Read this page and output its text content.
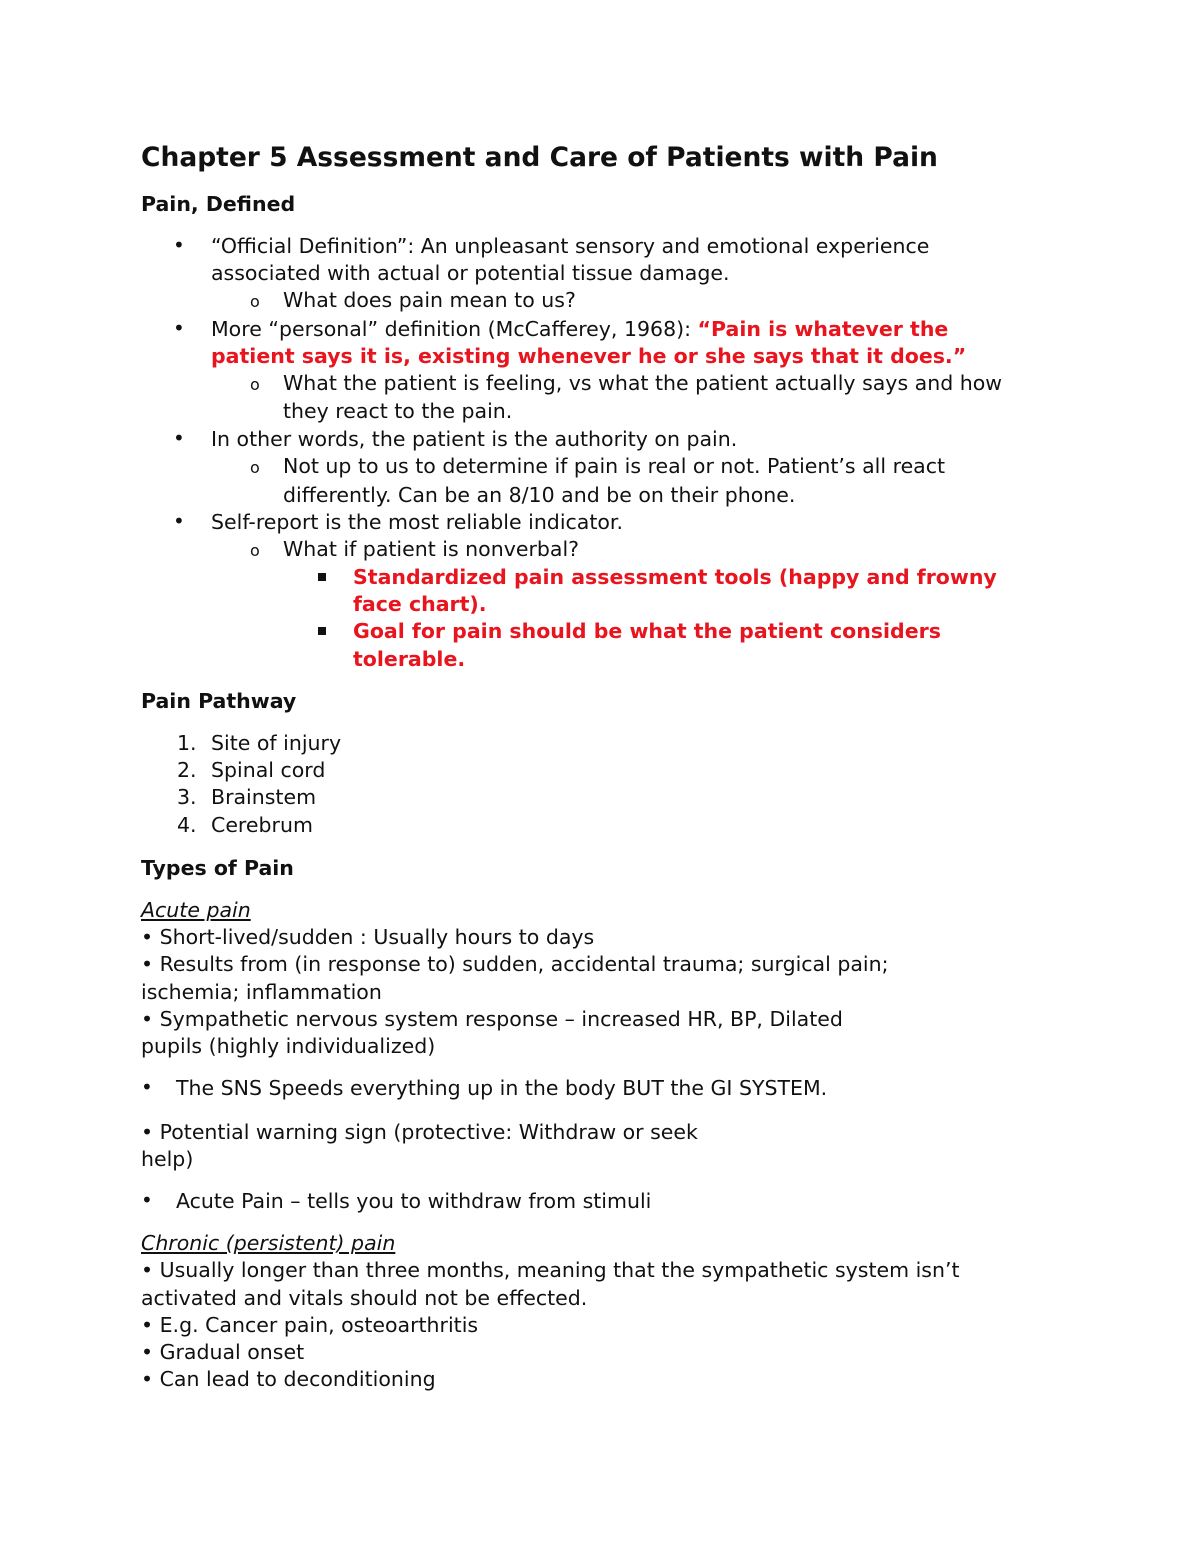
Chapter 5 Assessment and Care of Patients with Pain
Pain, Defined
• “Official Definition”: An unpleasant sensory and emotional experience
associated with actual or potential tissue damage.
o What does pain mean to us?
• More “personal” definition (McCafferey, 1968): “Pain is whatever the
patient says it is, existing whenever he or she says that it does.”
o What the patient is feeling, vs what the patient actually says and how
they react to the pain.
• In other words, the patient is the authority on pain.
o Not up to us to determine if pain is real or not. Patient’s all react
differently. Can be an 8/10 and be on their phone.
• Self-report is the most reliable indicator.
o What if patient is nonverbal?
Standardized pain assessment tools (happy and frowny
face chart).
Goal for pain should be what the patient considers
tolerable.
Pain Pathway
1. Site of injury
2. Spinal cord
3. Brainstem
4. Cerebrum
Types of Pain
Acute pain
• Short-lived/sudden : Usually hours to days
• Results from (in response to) sudden, accidental trauma; surgical pain;
ischemia; inflammation
• Sympathetic nervous system response – increased HR, BP, Dilated
pupils (highly individualized)
• The SNS Speeds everything up in the body BUT the GI SYSTEM.
• Potential warning sign (protective: Withdraw or seek
help)
• Acute Pain – tells you to withdraw from stimuli
Chronic (persistent) pain
• Usually longer than three months, meaning that the sympathetic system isn’t
activated and vitals should not be effected.
• E.g. Cancer pain, osteoarthritis
• Gradual onset
• Can lead to deconditioning
